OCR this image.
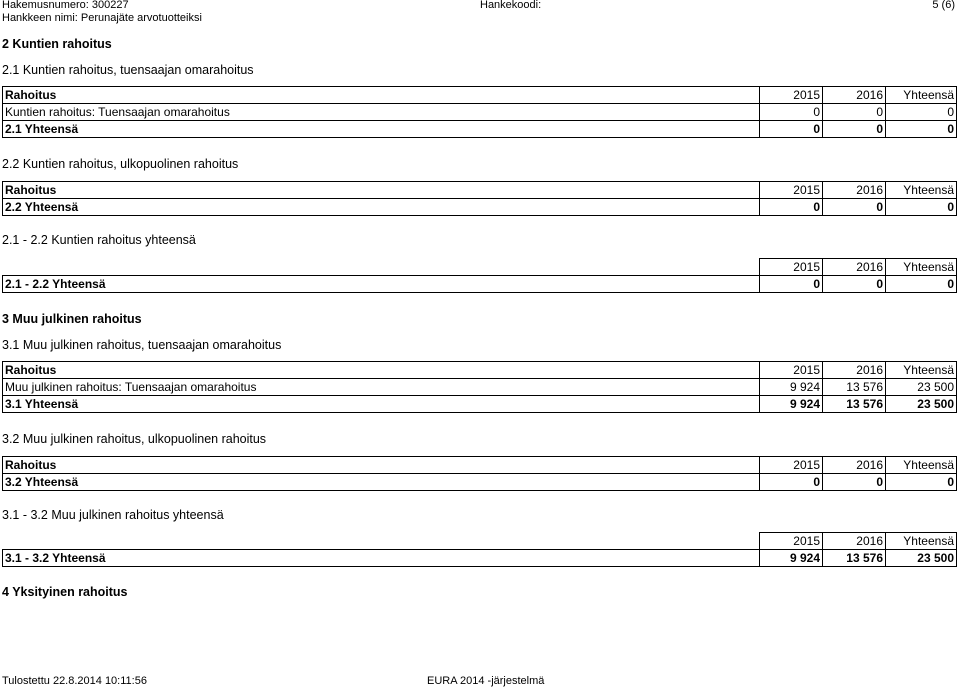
Hakemusnumero: 300227	Hankekoodi:	5 (6)
Hankkeen nimi: Perunajäte arvotuotteiksi
2 Kuntien rahoitus
2.1 Kuntien rahoitus, tuensaajan omarahoitus
Rahoitus	2015	2016	Yhteensä
Kuntien rahoitus: Tuensaajan omarahoitus	0	0	0
2.1 Yhteensä	0	0	0
2.2 Kuntien rahoitus, ulkopuolinen rahoitus
Rahoitus	2015	2016	Yhteensä
2.2 Yhteensä	0	0	0
2.1 - 2.2 Kuntien rahoitus yhteensä
	2015	2016	Yhteensä
2.1 - 2.2 Yhteensä	0	0	0
3 Muu julkinen rahoitus
3.1 Muu julkinen rahoitus, tuensaajan omarahoitus
Rahoitus	2015	2016	Yhteensä
Muu julkinen rahoitus: Tuensaajan omarahoitus	9 924	13 576	23 500
3.1 Yhteensä	9 924	13 576	23 500
3.2 Muu julkinen rahoitus, ulkopuolinen rahoitus
Rahoitus	2015	2016	Yhteensä
3.2 Yhteensä	0	0	0
3.1 - 3.2 Muu julkinen rahoitus yhteensä
	2015	2016	Yhteensä
3.1 - 3.2 Yhteensä	9 924	13 576	23 500
4 Yksityinen rahoitus
Tulostettu 22.8.2014 10:11:56	EURA 2014 -järjestelmä
